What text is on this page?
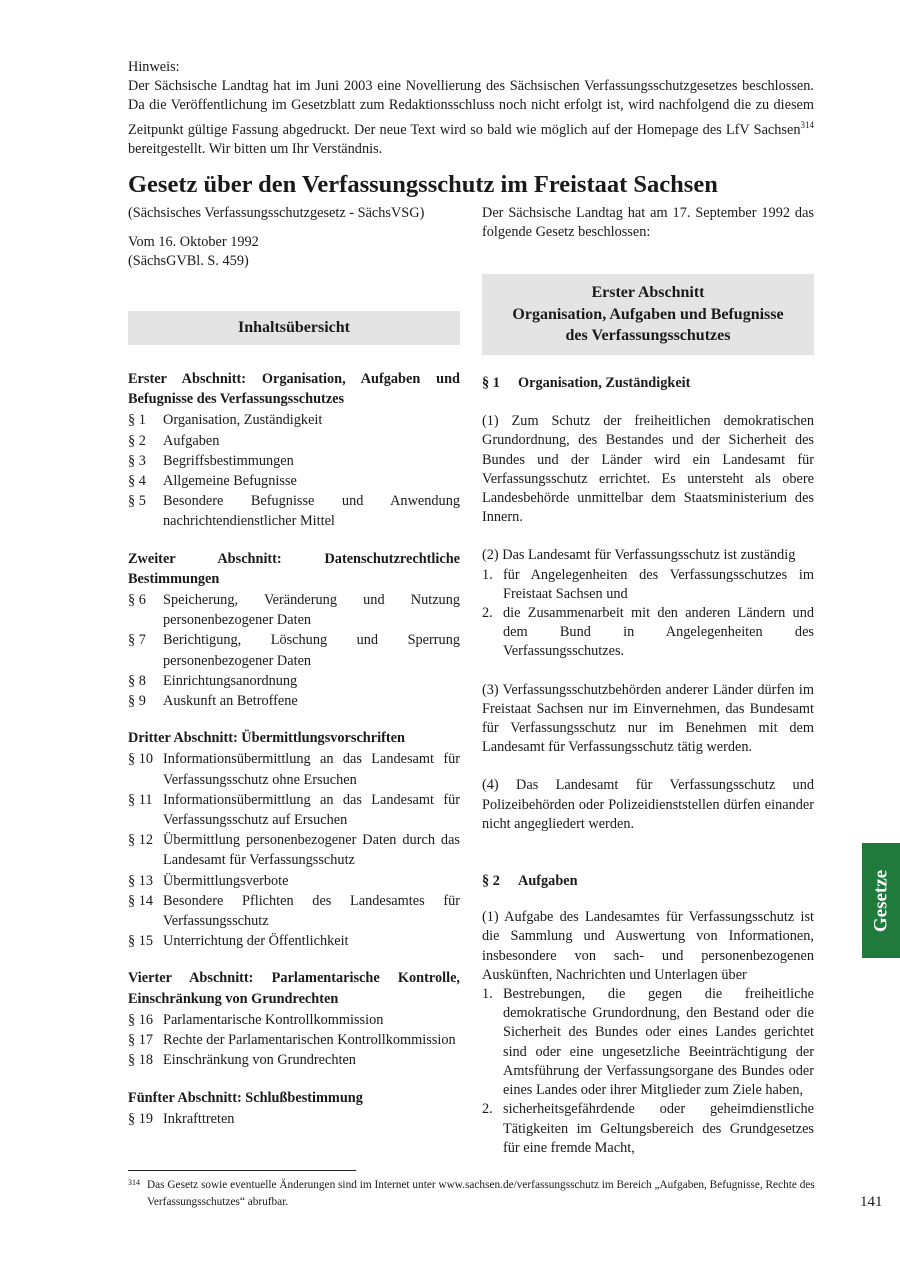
Hinweis:
Der Sächsische Landtag hat im Juni 2003 eine Novellierung des Sächsischen Verfassungsschutzgesetzes beschlossen. Da die Veröffentlichung im Gesetzblatt zum Redaktionsschluss noch nicht erfolgt ist, wird nachfolgend die zu diesem Zeitpunkt gültige Fassung abgedruckt. Der neue Text wird so bald wie möglich auf der Homepage des LfV Sachsen$^{314}$ bereitgestellt. Wir bitten um Ihr Verständnis.
Gesetz über den Verfassungsschutz im Freistaat Sachsen
(Sächsisches Verfassungsschutzgesetz - SächsVSG)
Vom 16. Oktober 1992
(SächsGVBl. S. 459)
Der Sächsische Landtag hat am 17. September 1992 das folgende Gesetz beschlossen:
Inhaltsübersicht
Erster Abschnitt: Organisation, Aufgaben und Befugnisse des Verfassungsschutzes
§ 1	Organisation, Zuständigkeit
§ 2	Aufgaben
§ 3	Begriffsbestimmungen
§ 4	Allgemeine Befugnisse
§ 5	Besondere Befugnisse und Anwendung nachrichtendienstlicher Mittel
Zweiter Abschnitt: Datenschutzrechtliche Bestimmungen
§ 6	Speicherung, Veränderung und Nutzung personenbezogener Daten
§ 7	Berichtigung, Löschung und Sperrung personenbezogener Daten
§ 8	Einrichtungsanordnung
§ 9	Auskunft an Betroffene
Dritter Abschnitt: Übermittlungsvorschriften
§ 10 Informationsübermittlung an das Landesamt für Verfassungsschutz ohne Ersuchen
§ 11 Informationsübermittlung an das Landesamt für Verfassungsschutz auf Ersuchen
§ 12 Übermittlung personenbezogener Daten durch das Landesamt für Verfassungsschutz
§ 13 Übermittlungsverbote
§ 14 Besondere Pflichten des Landesamtes für Verfassungsschutz
§ 15 Unterrichtung der Öffentlichkeit
Vierter Abschnitt: Parlamentarische Kontrolle, Einschränkung von Grundrechten
§ 16 Parlamentarische Kontrollkommission
§ 17 Rechte der Parlamentarischen Kontrollkommission
§ 18 Einschränkung von Grundrechten
Fünfter Abschnitt: Schlußbestimmung
§ 19 Inkrafttreten
Erster Abschnitt
Organisation, Aufgaben und Befugnisse
des Verfassungsschutzes
§ 1 Organisation, Zuständigkeit
(1) Zum Schutz der freiheitlichen demokratischen Grundordnung, des Bestandes und der Sicherheit des Bundes und der Länder wird ein Landesamt für Verfassungsschutz errichtet. Es untersteht als obere Landesbehörde unmittelbar dem Staatsministerium des Innern.
(2) Das Landesamt für Verfassungsschutz ist zuständig
1. für Angelegenheiten des Verfassungsschutzes im Freistaat Sachsen und
2. die Zusammenarbeit mit den anderen Ländern und dem Bund in Angelegenheiten des Verfassungsschutzes.
(3) Verfassungsschutzbehörden anderer Länder dürfen im Freistaat Sachsen nur im Einvernehmen, das Bundesamt für Verfassungsschutz nur im Benehmen mit dem Landesamt für Verfassungsschutz tätig werden.
(4) Das Landesamt für Verfassungsschutz und Polizeibehörden oder Polizeidienststellen dürfen einander nicht angegliedert werden.
§ 2 Aufgaben
(1) Aufgabe des Landesamtes für Verfassungsschutz ist die Sammlung und Auswertung von Informationen, insbesondere von sach- und personenbezogenen Auskünften, Nachrichten und Unterlagen über
1. Bestrebungen, die gegen die freiheitliche demokratische Grundordnung, den Bestand oder die Sicherheit des Bundes oder eines Landes gerichtet sind oder eine ungesetzliche Beeinträchtigung der Amtsführung der Verfassungsorgane des Bundes oder eines Landes oder ihrer Mitglieder zum Ziele haben,
2. sicherheitsgefährdende oder geheimdienstliche Tätigkeiten im Geltungsbereich des Grundgesetzes für eine fremde Macht,
Gesetze
314 Das Gesetz sowie eventuelle Änderungen sind im Internet unter www.sachsen.de/verfassungsschutz im Bereich „Aufgaben, Befugnisse, Rechte des Verfassungsschutzes“ abrufbar.	141
